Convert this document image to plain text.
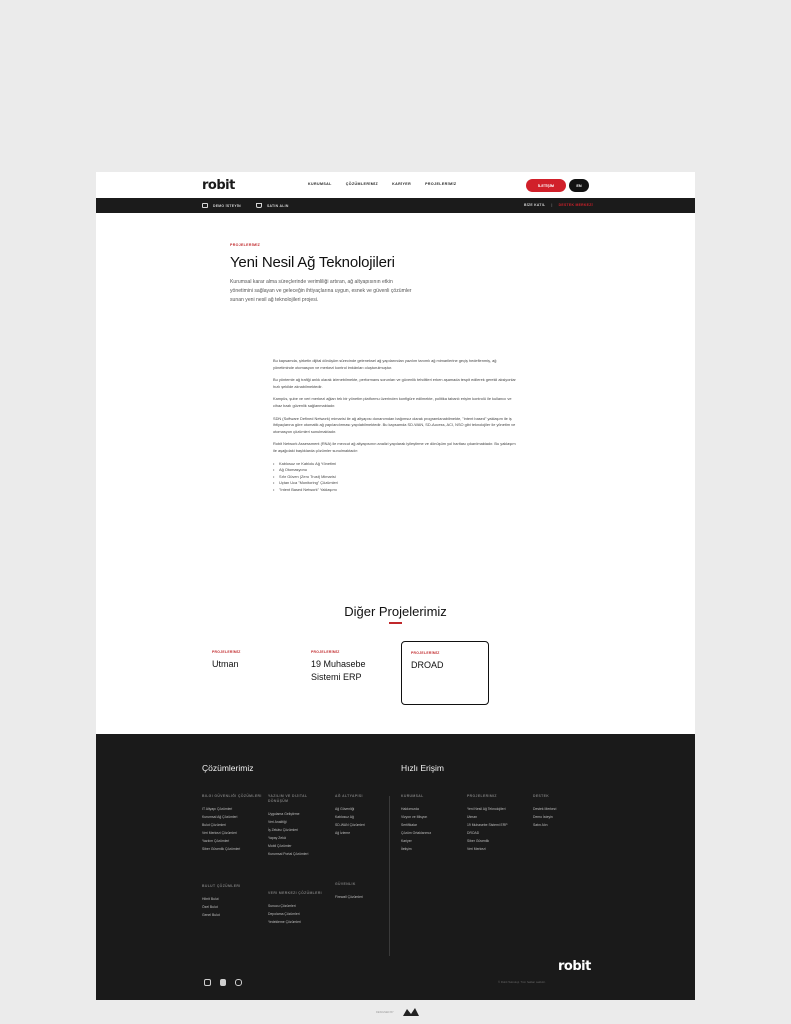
robit	KURUMSAL	ÇÖZÜMLERİMİZ	KARİYER	PROJELERİMİZ	İLETİŞİM	EN
DEMO İSTEYİN	SATIN ALIN	BİZE KATIL | DESTEK MERKEZİ
PROJELERİMİZ
Yeni Nesil Ağ Teknolojileri
Kurumsal karar alma süreçlerinde verimliliği artıran, ağ altyapısının etkin yönetimini sağlayan ve geleceğin ihtiyaçlarına uygun, esnek ve güvenli çözümler sunan yeni nesil ağ teknolojileri projesi.

Bu kapsamda, şirketin dijital dönüşüm sürecinde geleneksel ağ yapılarından yazılım tanımlı ağ mimarilerine geçiş hedeflenmiş, ağ yönetiminde otomasyon ve merkezi kontrol imkânları oluşturulmuştur.

Bu yöntemle ağ trafiği anlık olarak izlenebilmekte, performans sorunları ve güvenlik tehditleri erken aşamada tespit edilerek gerekli aksiyonlar hızlı şekilde alınabilmektedir.

Kampüs, şube ve veri merkezi ağları tek bir yönetim platformu üzerinden konfigüre edilmekte, politika tabanlı erişim kontrolü ile kullanıcı ve cihaz bazlı güvenlik sağlanmaktadır.

SDN (Software Defined Network) mimarisi ile ağ altyapısı donanımdan bağımsız olarak programlanabilmekte, "intent based" yaklaşım ile iş ihtiyaçlarına göre otomatik ağ yapılandırması yapılabilmektedir. Bu kapsamda SD-WAN, SD-Access, ACI, NSO gibi teknolojiler ile yönetim ve otomasyon çözümleri sunulmaktadır.

Robit Network Assessment (RNA) ile mevcut ağ altyapısının analizi yapılarak iyileştirme ve dönüşüm yol haritası çıkarılmaktadır. Bu yaklaşım ile aşağıdaki başlıklarda çözümler sunulmaktadır:

• Kablosuz ve Kablolu Ağ Yönetimi
• Ağ Otomasyonu
• Sıfır Güven (Zero Trust) Mimarisi
• Uçtan Uca "Monitoring" Çözümleri
• "Intent Based Network" Yaklaşımı
Diğer Projelerimiz
PROJELERİMİZ
Utman
PROJELERİMİZ
19 Muhasebe Sistemi ERP
PROJELERİMİZ
DROAD
Çözümlerimiz	Hızlı Erişim
BILGI GÜVENLIĞI ÇÖZÜMLERI
IT Altyapı Çözümleri
Kurumsal Ağ Çözümleri
Bulut Çözümleri
Veri Merkezi Çözümleri
Yazılım Çözümleri
Siber Güvenlik Çözümleri
BULUT ÇÖZÜMLERI
Hibrit Bulut
Özel Bulut
Genel Bulut
YAZILIM VE DIJITAL DÖNÜŞÜM
Uygulama Geliştirme
Veri Analitiği
İş Zekâsı Çözümleri
Yapay Zekâ
Mobil Çözümler
Kurumsal Portal Çözümleri
VERI MERKEZI ÇÖZÜMLERI
Sunucu Çözümleri
Depolama Çözümleri
Yedekleme Çözümleri
AĞ ALTYAPISI
Ağ Güvenliği
Kablosuz Ağ
SD-WAN Çözümleri
Ağ İzleme
GÜVENLIK
Firewall Çözümleri
KURUMSAL
Hakkımızda
Vizyon ve Misyon
Sertifikalar
Çözüm Ortaklarımız
Kariyer
İletişim
PROJELERIMIZ
Yeni Nesil Ağ Teknolojileri
Utman
19 Muhasebe Sistemi ERP
DROAD
Siber Güvenlik
Veri Merkezi
DESTEK
Destek Merkezi
Demo İsteyin
Satın Alın
robit
© Robit Teknoloji. Tüm hakları saklıdır.
DESIGNED BY
